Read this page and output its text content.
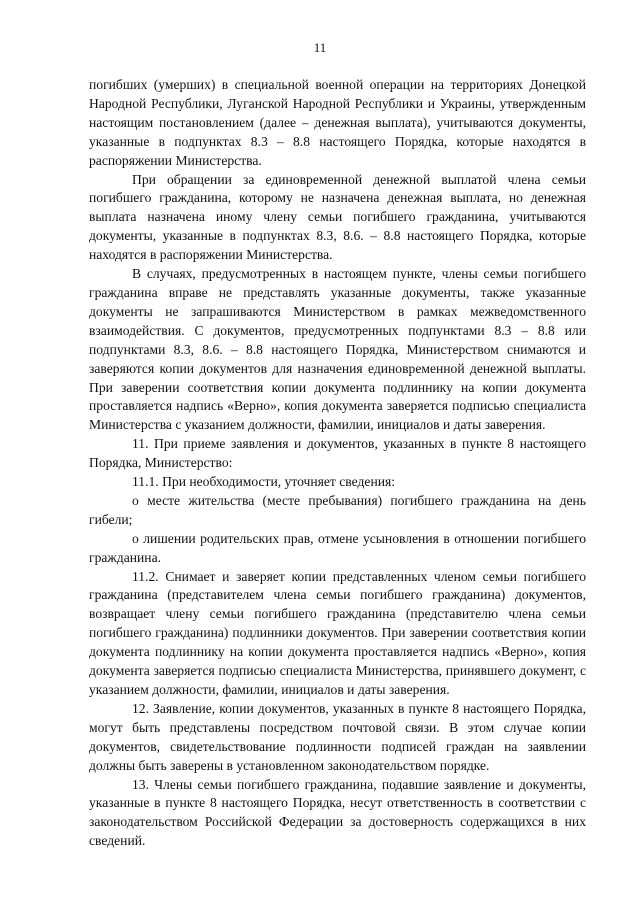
11

погибших (умерших) в специальной военной операции на территориях Донецкой Народной Республики, Луганской Народной Республики и Украины, утвержденным настоящим постановлением (далее – денежная выплата), учитываются документы, указанные в подпунктах 8.3 – 8.8 настоящего Порядка, которые находятся в распоряжении Министерства.

При обращении за единовременной денежной выплатой члена семьи погибшего гражданина, которому не назначена денежная выплата, но денежная выплата назначена иному члену семьи погибшего гражданина, учитываются документы, указанные в подпунктах 8.3, 8.6. – 8.8 настоящего Порядка, которые находятся в распоряжении Министерства.

В случаях, предусмотренных в настоящем пункте, члены семьи погибшего гражданина вправе не представлять указанные документы, также указанные документы не запрашиваются Министерством в рамках межведомственного взаимодействия. С документов, предусмотренных подпунктами 8.3 – 8.8 или подпунктами 8.3, 8.6. – 8.8 настоящего Порядка, Министерством снимаются и заверяются копии документов для назначения единовременной денежной выплаты. При заверении соответствия копии документа подлиннику на копии документа проставляется надпись «Верно», копия документа заверяется подписью специалиста Министерства с указанием должности, фамилии, инициалов и даты заверения.

11. При приеме заявления и документов, указанных в пункте 8 настоящего Порядка, Министерство:

11.1. При необходимости, уточняет сведения:

о месте жительства (месте пребывания) погибшего гражданина на день гибели;

о лишении родительских прав, отмене усыновления в отношении погибшего гражданина.

11.2. Снимает и заверяет копии представленных членом семьи погибшего гражданина (представителем члена семьи погибшего гражданина) документов, возвращает члену семьи погибшего гражданина (представителю члена семьи погибшего гражданина) подлинники документов. При заверении соответствия копии документа подлиннику на копии документа проставляется надпись «Верно», копия документа заверяется подписью специалиста Министерства, принявшего документ, с указанием должности, фамилии, инициалов и даты заверения.

12. Заявление, копии документов, указанных в пункте 8 настоящего Порядка, могут быть представлены посредством почтовой связи. В этом случае копии документов, свидетельствование подлинности подписей граждан на заявлении должны быть заверены в установленном законодательством порядке.

13. Члены семьи погибшего гражданина, подавшие заявление и документы, указанные в пункте 8 настоящего Порядка, несут ответственность в соответствии с законодательством Российской Федерации за достоверность содержащихся в них сведений.
